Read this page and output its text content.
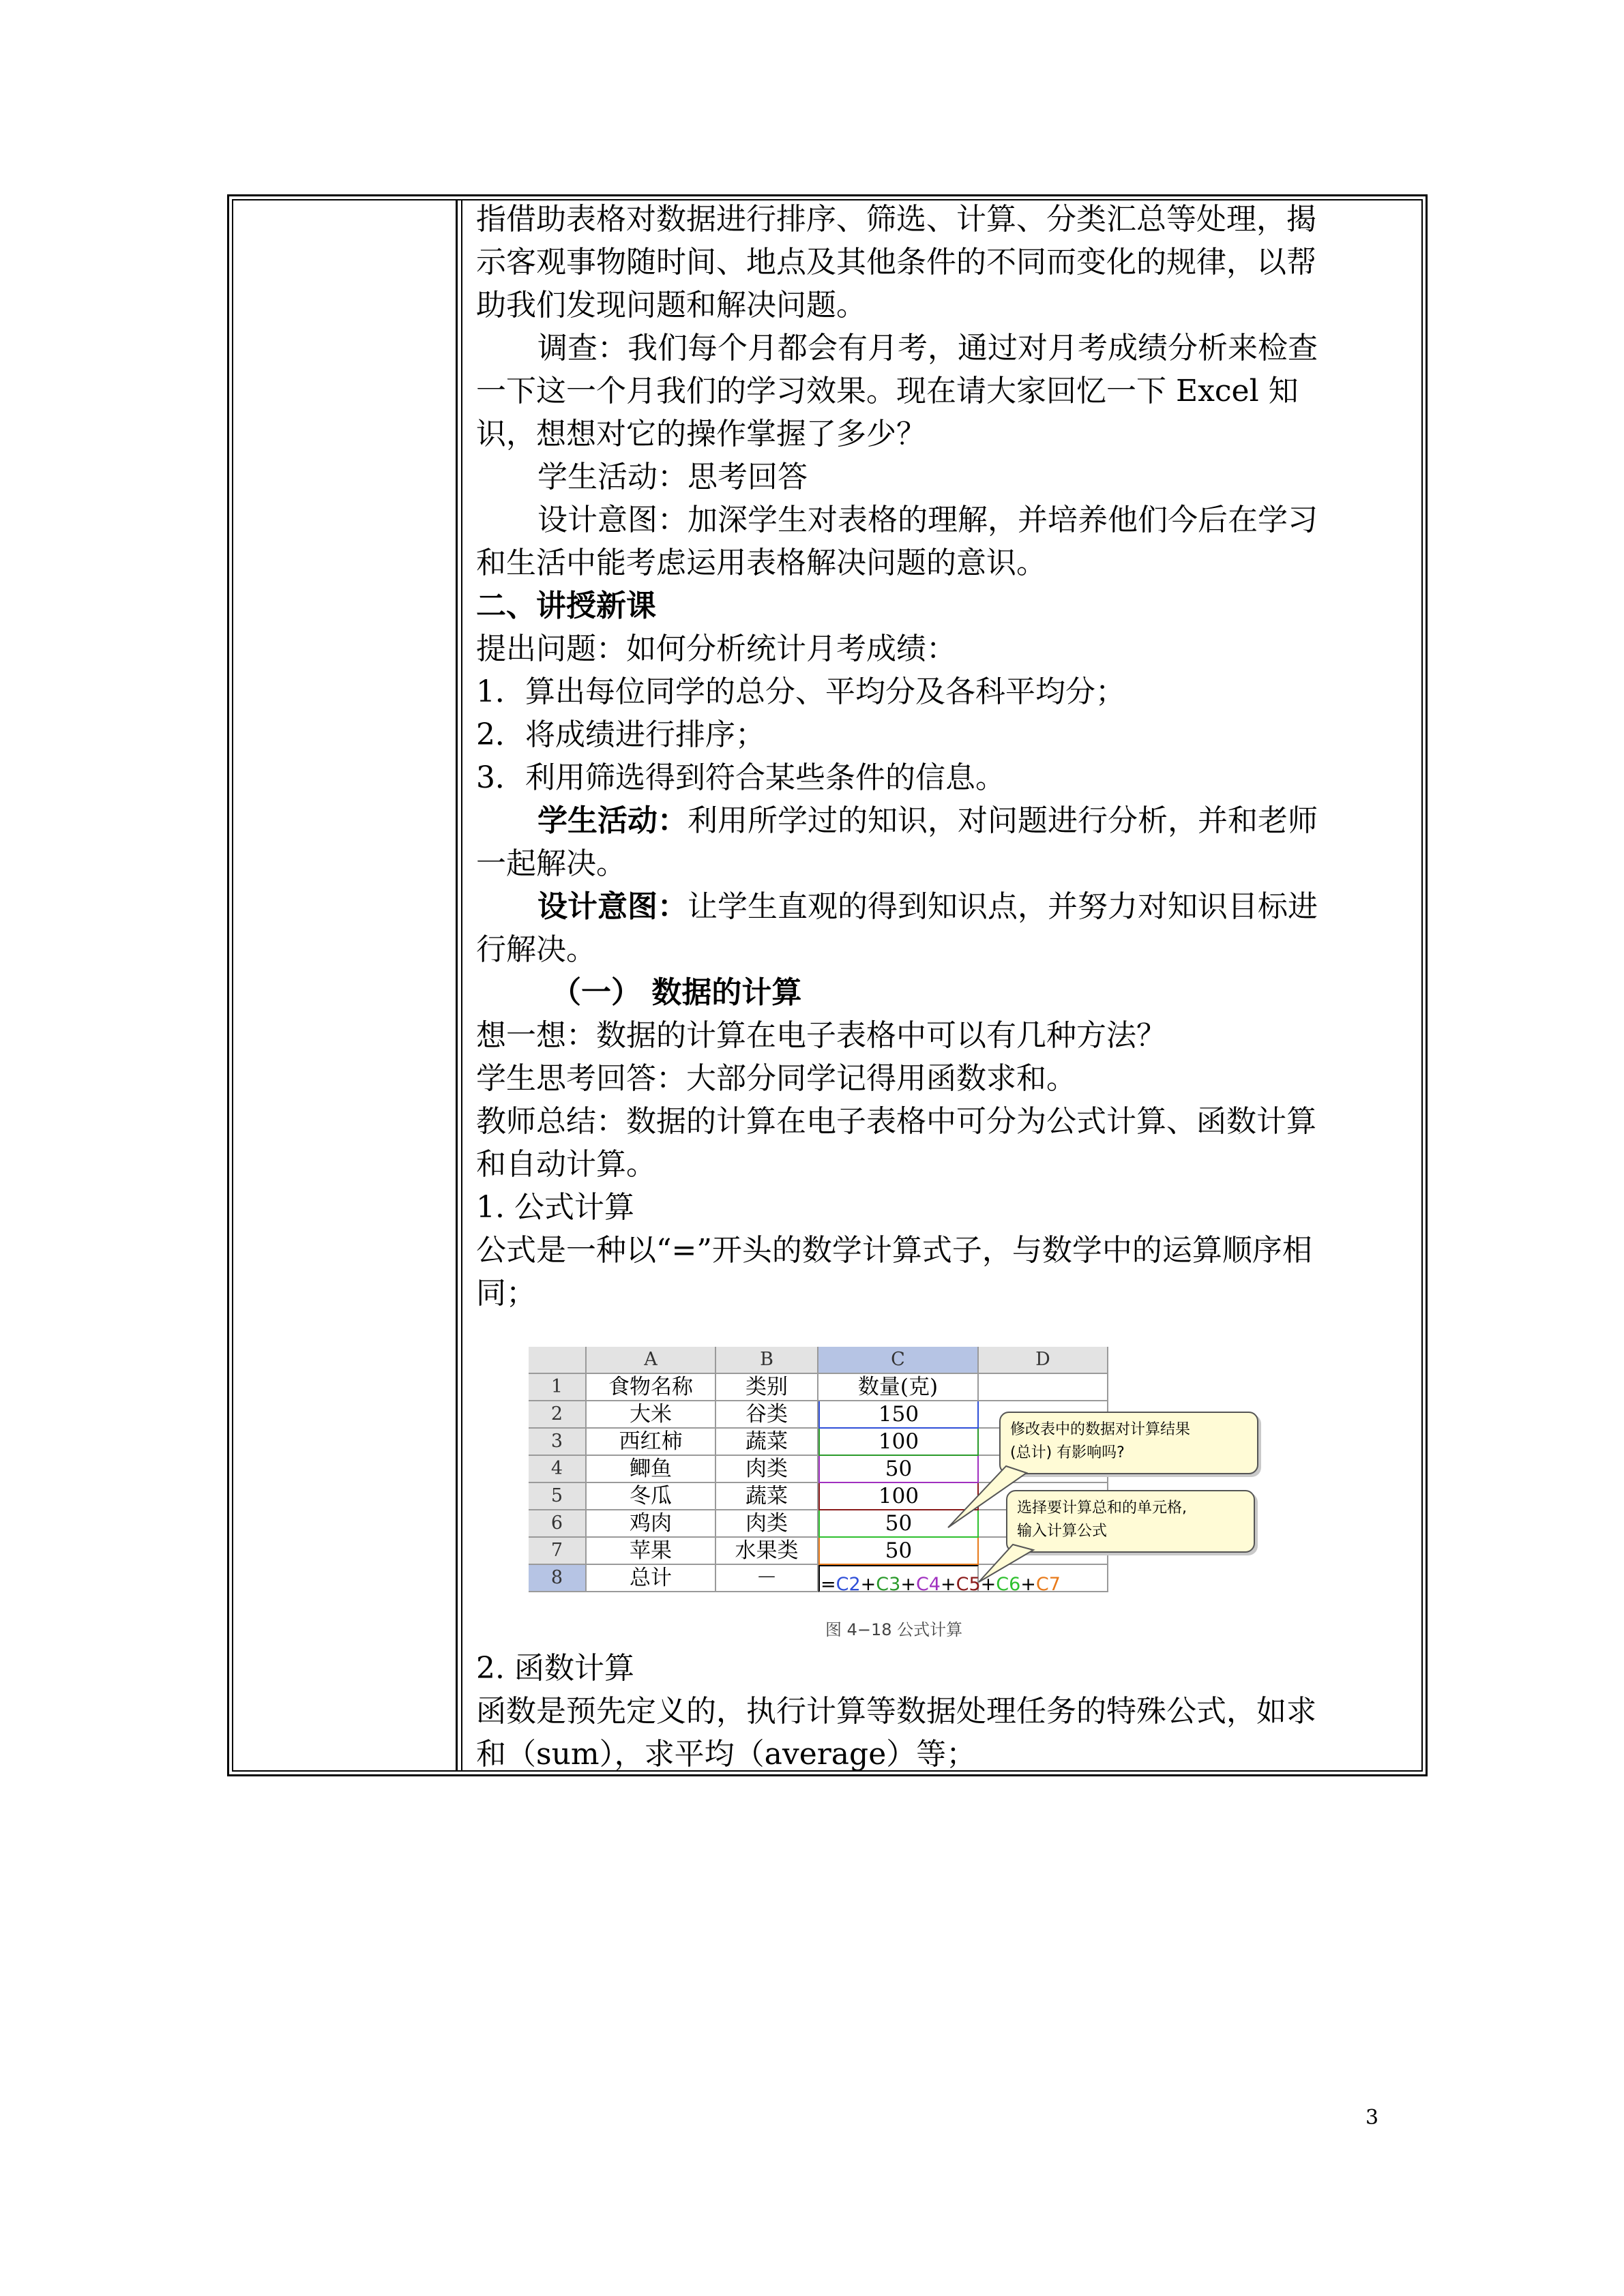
指借助表格对数据进行排序、筛选、计算、分类汇总等处理，揭

示客观事物随时间、地点及其他条件的不同而变化的规律，以帮

助我们发现问题和解决问题。

调查：我们每个月都会有月考，通过对月考成绩分析来检查

一下这一个月我们的学习效果。现在请大家回忆一下 Excel 知

识，想想对它的操作掌握了多少？

学生活动：思考回答

设计意图：加深学生对表格的理解，并培养他们今后在学习

和生活中能考虑运用表格解决问题的意识。

二、讲授新课

提出问题：如何分析统计月考成绩：

1．算出每位同学的总分、平均分及各科平均分；

2．将成绩进行排序；

3．利用筛选得到符合某些条件的信息。

学生活动：利用所学过的知识，对问题进行分析，并和老师

一起解决。

设计意图：让学生直观的得到知识点，并努力对知识目标进

行解决。

（一） 数据的计算

想一想：数据的计算在电子表格中可以有几种方法？

学生思考回答：大部分同学记得用函数求和。

教师总结：数据的计算在电子表格中可分为公式计算、函数计算

和自动计算。

1. 公式计算

公式是一种以“=”开头的数学计算式子，与数学中的运算顺序相

同；

－
总计
8
50
水果类
苹果
7
50
肉类
鸡肉
6
100
蔬菜
冬瓜
5
50
肉类
鲫鱼
4
100
蔬菜
西红柿
3
150
谷类
大米
2
数量(克)
类别
食物名称
1
D
C
B
A
=C2+C3+C4+C5+C6+C7

修改表中的数据对计算结果

(总计) 有影响吗?

选择要计算总和的单元格,

输入计算公式

图 4−18 公式计算

2. 函数计算

函数是预先定义的，执行计算等数据处理任务的特殊公式，如求

和（sum），求平均（average）等；

3
